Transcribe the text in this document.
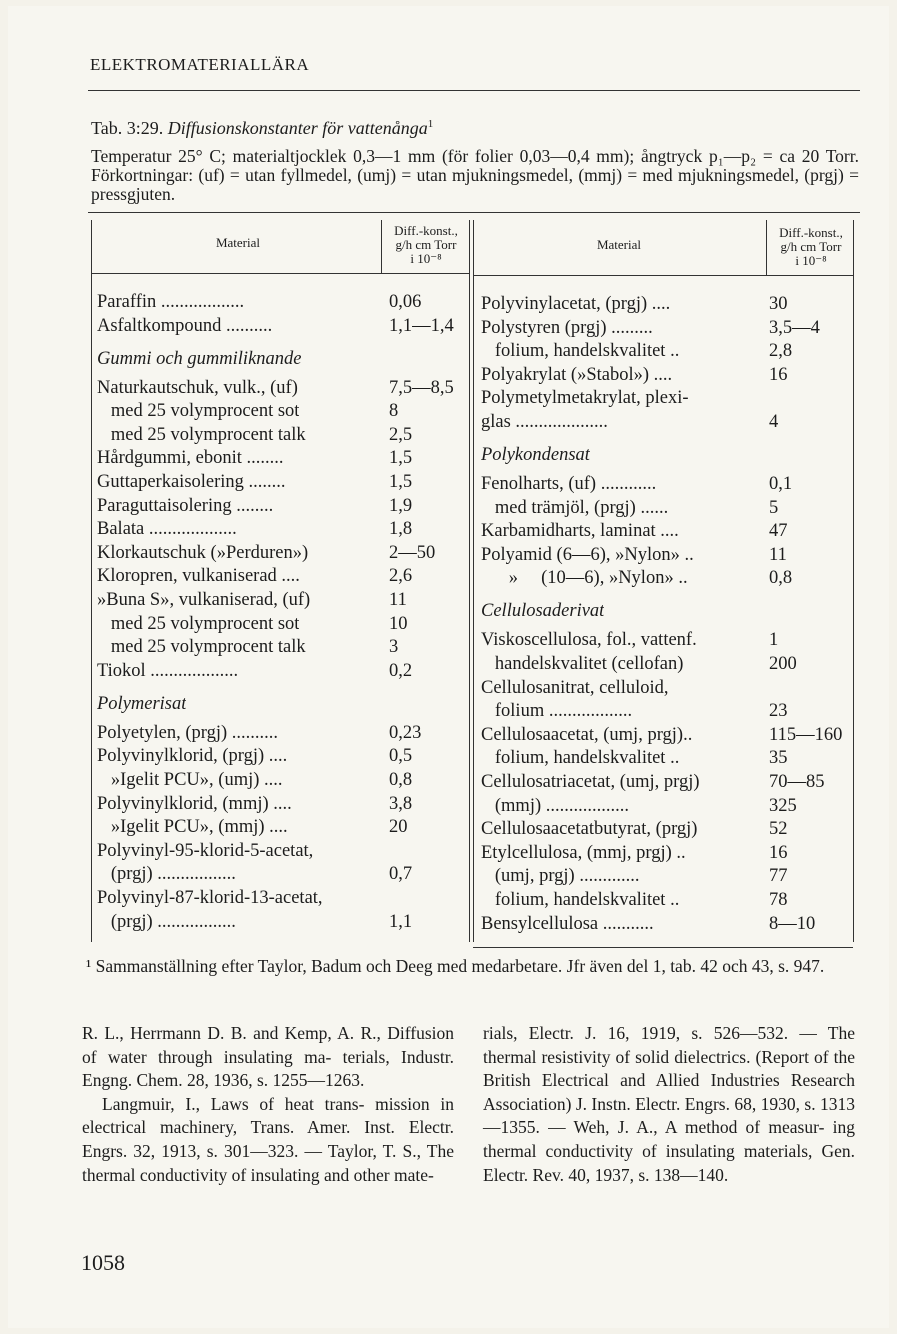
ELEKTROMATERIALLÄRA
Tab. 3:29. Diffusionskonstanter för vattenånga$^1$
Temperatur 25° C; materialtjocklek 0,3—1 mm (för folier 0,03—0,4 mm); ångtryck p₁—p₂ = ca 20 Torr. Förkortningar: (uf) = utan fyllmedel, (umj) = utan mjukningsmedel, (mmj) = med mjukningsmedel, (prgj) = pressgjuten.
Material
Diff.-konst.,
g/h cm Torr
i 10⁻⁸
Material
Diff.-konst.,
g/h cm Torr
i 10⁻⁸
Paraffin ..................	0,06
Asfaltkompound ..........	1,1—1,4
Gummi och gummiliknande
Naturkautschuk, vulk., (uf)	7,5—8,5
med 25 volymprocent sot	8
med 25 volymprocent talk	2,5
Hårdgummi, ebonit ........	1,5
Guttaperkaisolering ........	1,5
Paraguttaisolering ........	1,9
Balata ...................	1,8
Klorkautschuk (»Perduren»)	2—50
Kloropren, vulkaniserad ....	2,6
»Buna S», vulkaniserad, (uf)	11
med 25 volymprocent sot	10
med 25 volymprocent talk	3
Tiokol ...................	0,2
Polymerisat
Polyetylen, (prgj) ..........	0,23
Polyvinylklorid, (prgj) ....	0,5
»Igelit PCU», (umj) ....	0,8
Polyvinylklorid, (mmj) ....	3,8
»Igelit PCU», (mmj) ....	20
Polyvinyl-95-klorid-5-acetat,
(prgj) .................	0,7
Polyvinyl-87-klorid-13-acetat,
(prgj) .................	1,1
Polyvinylacetat, (prgj) ....	30
Polystyren (prgj) .........	3,5—4
folium, handelskvalitet ..	2,8
Polyakrylat (»Stabol») ....	16
Polymetylmetakrylat, plexi-
glas ....................	4
Polykondensat
Fenolharts, (uf) ............	0,1
med trämjöl, (prgj) ......	5
Karbamidharts, laminat ....	47
Polyamid (6—6), »Nylon» ..	11
»     (10—6), »Nylon» ..	0,8
Cellulosaderivat
Viskoscellulosa, fol., vattenf.	1
handelskvalitet (cellofan)	200
Cellulosanitrat, celluloid,
folium ..................	23
Cellulosaacetat, (umj, prgj)..	115—160
folium, handelskvalitet ..	35
Cellulosatriacetat, (umj, prgj)	70—85
(mmj) ..................	325
Cellulosaacetatbutyrat, (prgj)	52
Etylcellulosa, (mmj, prgj) ..	16
(umj, prgj) .............	77
folium, handelskvalitet ..	78
Bensylcellulosa ...........	8—10
¹ Sammanställning efter Taylor, Badum och Deeg med medarbetare. Jfr även del 1, tab. 42 och 43, s. 947.

R. L., Herrmann D. B. and Kemp, A. R., Diffusion of water through insulating ma- terials, Industr. Engng. Chem. 28, 1936, s. 1255—1263.

Langmuir, I., Laws of heat trans- mission in electrical machinery, Trans. Amer. Inst. Electr. Engrs. 32, 1913, s. 301—323. — Taylor, T. S., The thermal conductivity of insulating and other mate-

rials, Electr. J. 16, 1919, s. 526—532. — The thermal resistivity of solid dielectrics. (Report of the British Electrical and Allied Industries Research Association) J. Instn. Electr. Engrs. 68, 1930, s. 1313—1355. — Weh, J. A., A method of measur- ing thermal conductivity of insulating materials, Gen. Electr. Rev. 40, 1937, s. 138—140.

1058
